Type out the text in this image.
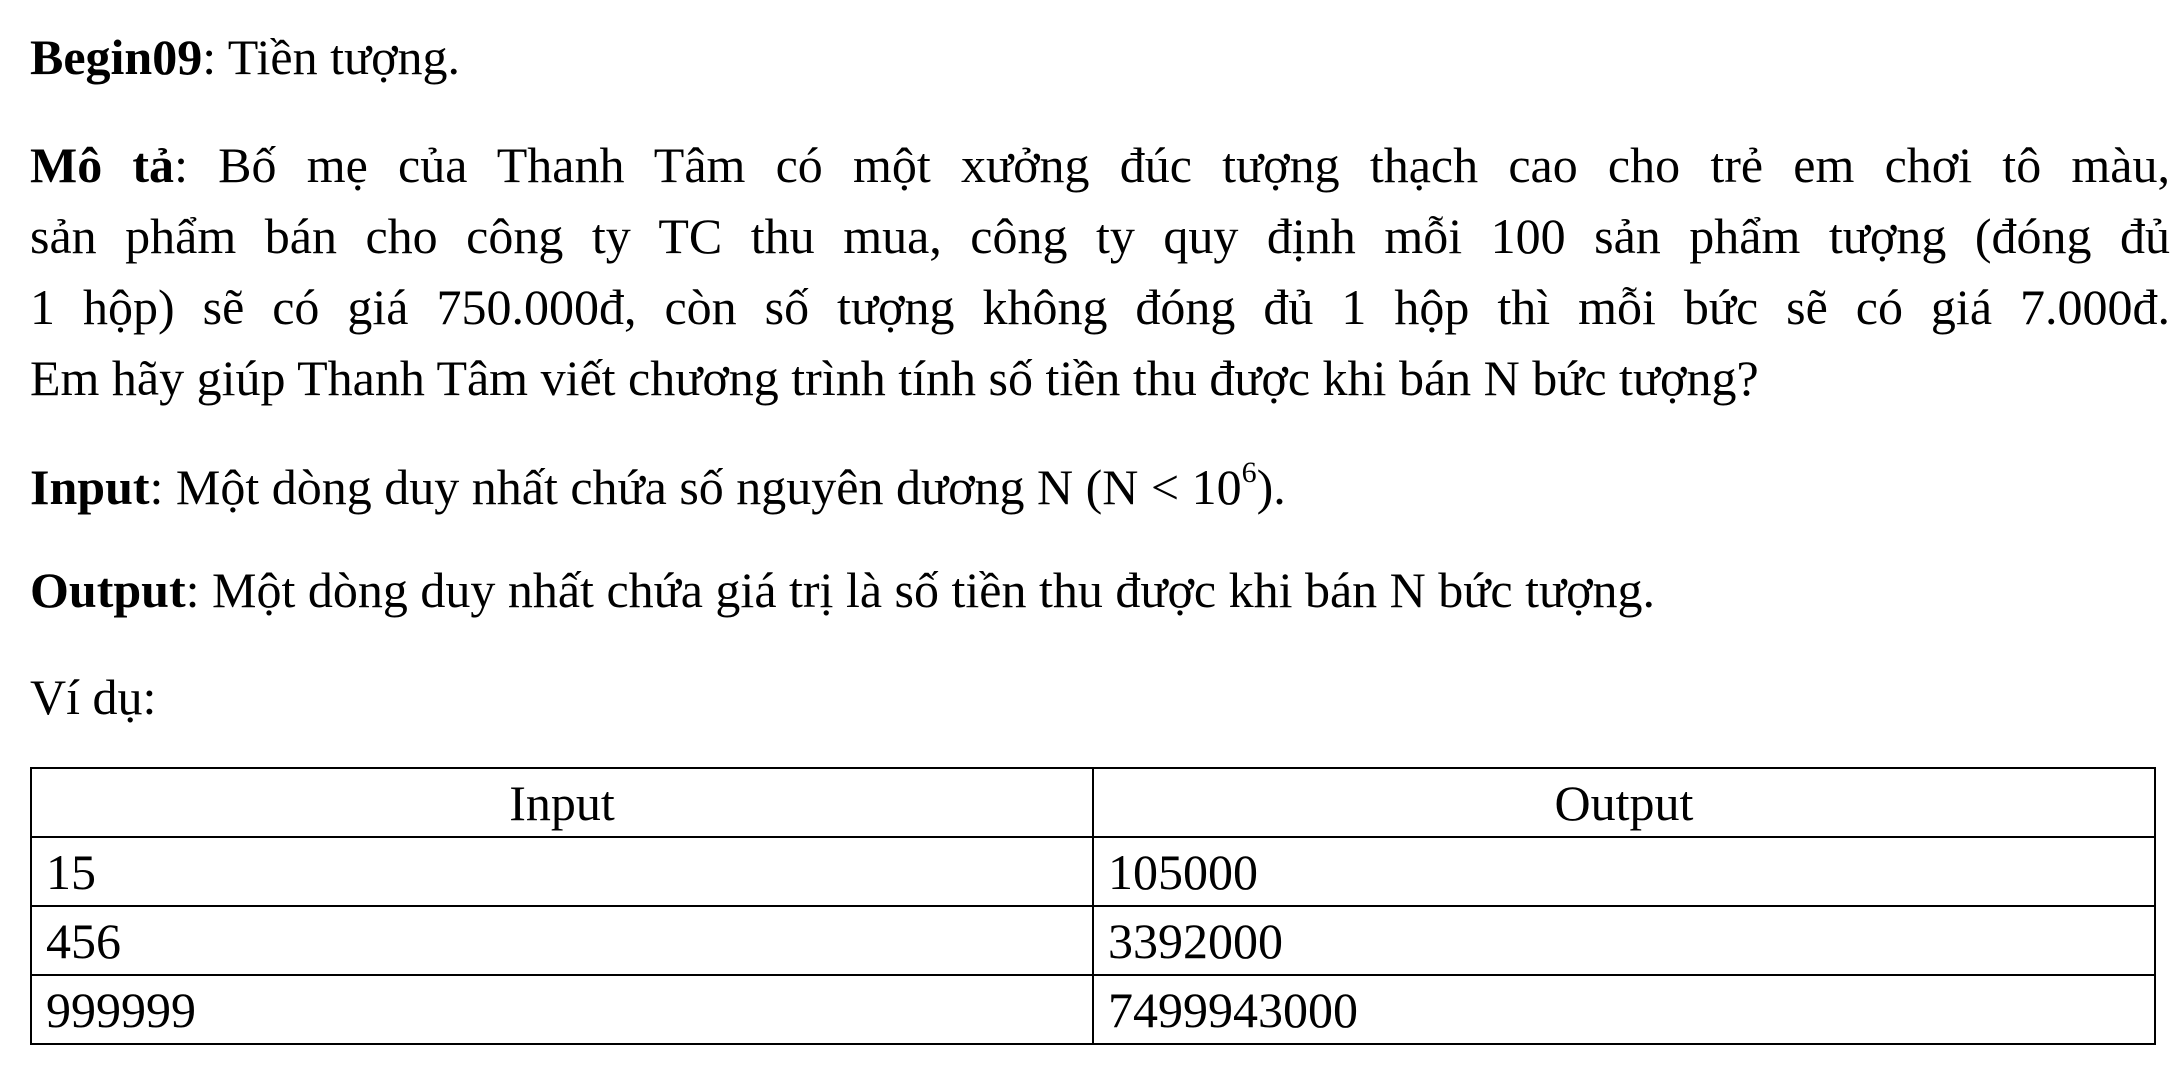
Begin09: Tiền tượng.

Mô tả: Bố mẹ của Thanh Tâm có một xưởng đúc tượng thạch cao cho trẻ em chơi tô màu,
sản phẩm bán cho công ty TC thu mua, công ty quy định mỗi 100 sản phẩm tượng (đóng đủ
1 hộp) sẽ có giá 750.000đ, còn số tượng không đóng đủ 1 hộp thì mỗi bức sẽ có giá 7.000đ.
Em hãy giúp Thanh Tâm viết chương trình tính số tiền thu được khi bán N bức tượng?

Input: Một dòng duy nhất chứa số nguyên dương N $(N < 10^6)$.

Output: Một dòng duy nhất chứa giá trị là số tiền thu được khi bán N bức tượng.

Ví dụ:

Input	Output
15	105000
456	3392000
999999	7499943000
